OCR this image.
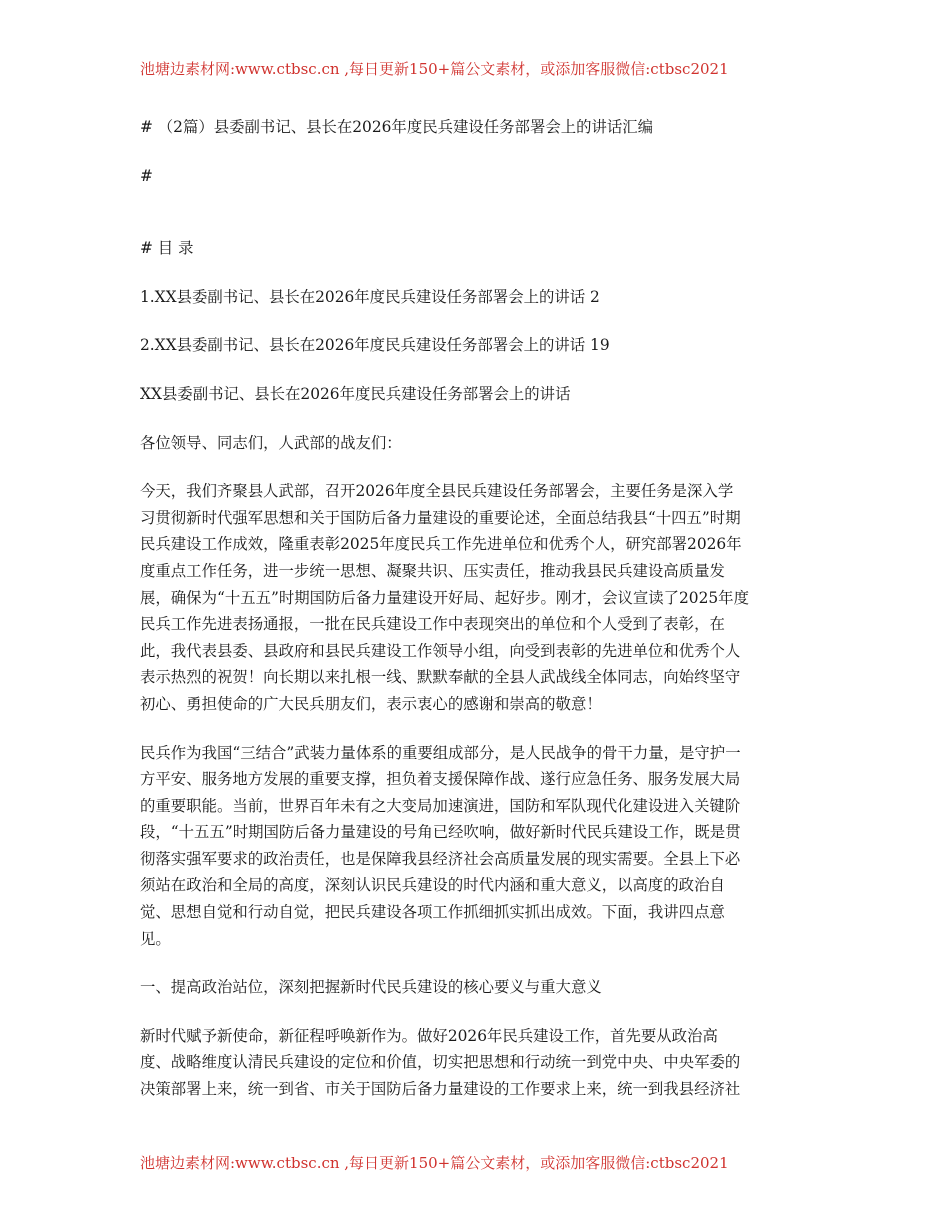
池塘边素材网:www.ctbsc.cn ,每日更新150+篇公文素材，或添加客服微信:ctbsc2021

# （2篇）县委副书记、县长在2026年度民兵建设任务部署会上的讲话汇编

#

# 目 录

1.XX县委副书记、县长在2026年度民兵建设任务部署会上的讲话 2

2.XX县委副书记、县长在2026年度民兵建设任务部署会上的讲话 19

XX县委副书记、县长在2026年度民兵建设任务部署会上的讲话

各位领导、同志们，人武部的战友们：

今天，我们齐聚县人武部，召开2026年度全县民兵建设任务部署会，主要任务是深入学
习贯彻新时代强军思想和关于国防后备力量建设的重要论述，全面总结我县“十四五”时期
民兵建设工作成效，隆重表彰2025年度民兵工作先进单位和优秀个人，研究部署2026年
度重点工作任务，进一步统一思想、凝聚共识、压实责任，推动我县民兵建设高质量发
展，确保为“十五五”时期国防后备力量建设开好局、起好步。刚才，会议宣读了2025年度
民兵工作先进表扬通报，一批在民兵建设工作中表现突出的单位和个人受到了表彰，在
此，我代表县委、县政府和县民兵建设工作领导小组，向受到表彰的先进单位和优秀个人
表示热烈的祝贺！向长期以来扎根一线、默默奉献的全县人武战线全体同志，向始终坚守
初心、勇担使命的广大民兵朋友们，表示衷心的感谢和崇高的敬意！
民兵作为我国“三结合”武装力量体系的重要组成部分，是人民战争的骨干力量，是守护一
方平安、服务地方发展的重要支撑，担负着支援保障作战、遂行应急任务、服务发展大局
的重要职能。当前，世界百年未有之大变局加速演进，国防和军队现代化建设进入关键阶
段，“十五五”时期国防后备力量建设的号角已经吹响，做好新时代民兵建设工作，既是贯
彻落实强军要求的政治责任，也是保障我县经济社会高质量发展的现实需要。全县上下必
须站在政治和全局的高度，深刻认识民兵建设的时代内涵和重大意义，以高度的政治自
觉、思想自觉和行动自觉，把民兵建设各项工作抓细抓实抓出成效。下面，我讲四点意
见。

一、提高政治站位，深刻把握新时代民兵建设的核心要义与重大意义

新时代赋予新使命，新征程呼唤新作为。做好2026年民兵建设工作，首先要从政治高
度、战略维度认清民兵建设的定位和价值，切实把思想和行动统一到党中央、中央军委的
决策部署上来，统一到省、市关于国防后备力量建设的工作要求上来，统一到我县经济社
池塘边素材网:www.ctbsc.cn ,每日更新150+篇公文素材，或添加客服微信:ctbsc2021
